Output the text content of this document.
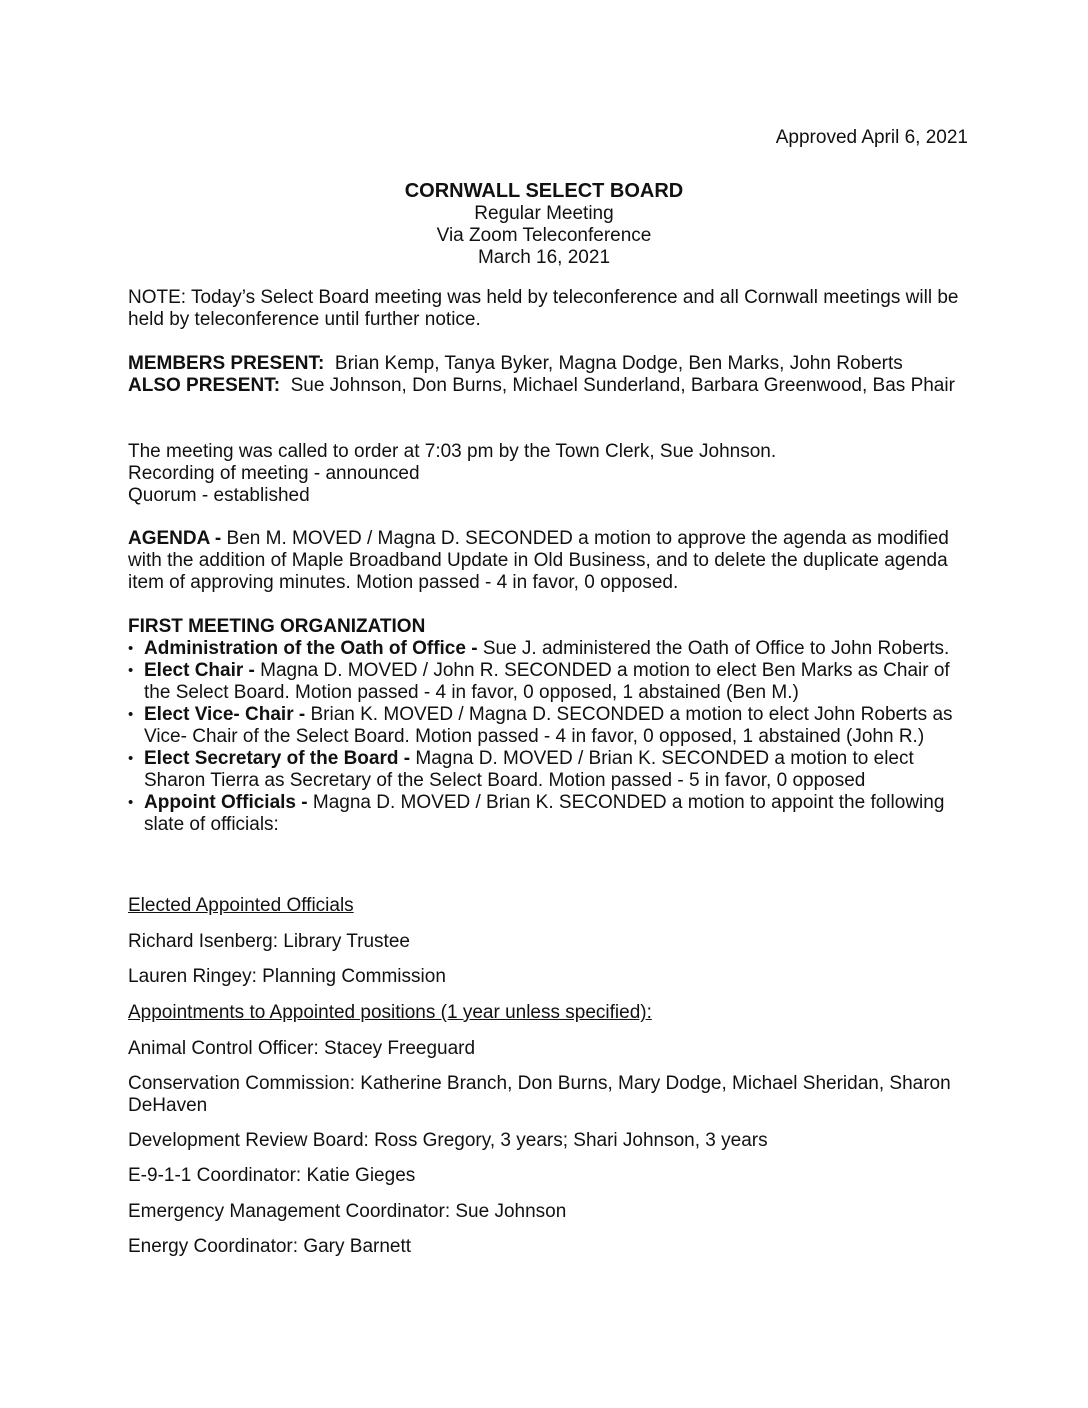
Approved April 6, 2021
CORNWALL SELECT BOARD
Regular Meeting
Via Zoom Teleconference
March 16, 2021
NOTE: Today’s Select Board meeting was held by teleconference and all Cornwall meetings will be held by teleconference until further notice.
MEMBERS PRESENT: Brian Kemp, Tanya Byker, Magna Dodge, Ben Marks, John Roberts
ALSO PRESENT: Sue Johnson, Don Burns, Michael Sunderland, Barbara Greenwood, Bas Phair
The meeting was called to order at 7:03 pm by the Town Clerk, Sue Johnson.
Recording of meeting - announced
Quorum - established
AGENDA - Ben M. MOVED / Magna D. SECONDED a motion to approve the agenda as modified with the addition of Maple Broadband Update in Old Business, and to delete the duplicate agenda item of approving minutes. Motion passed - 4 in favor, 0 opposed.
FIRST MEETING ORGANIZATION
• Administration of the Oath of Office - Sue J. administered the Oath of Office to John Roberts.
• Elect Chair - Magna D. MOVED / John R. SECONDED a motion to elect Ben Marks as Chair of the Select Board. Motion passed - 4 in favor, 0 opposed, 1 abstained (Ben M.)
• Elect Vice- Chair - Brian K. MOVED / Magna D. SECONDED a motion to elect John Roberts as Vice- Chair of the Select Board. Motion passed - 4 in favor, 0 opposed, 1 abstained (John R.)
• Elect Secretary of the Board - Magna D. MOVED / Brian K. SECONDED a motion to elect Sharon Tierra as Secretary of the Select Board. Motion passed - 5 in favor, 0 opposed
• Appoint Officials - Magna D. MOVED / Brian K. SECONDED a motion to appoint the following slate of officials:
Elected Appointed Officials
Richard Isenberg: Library Trustee
Lauren Ringey: Planning Commission
Appointments to Appointed positions (1 year unless specified):
Animal Control Officer: Stacey Freeguard
Conservation Commission: Katherine Branch, Don Burns, Mary Dodge, Michael Sheridan, Sharon DeHaven
Development Review Board: Ross Gregory, 3 years; Shari Johnson, 3 years
E-9-1-1 Coordinator: Katie Gieges
Emergency Management Coordinator: Sue Johnson
Energy Coordinator: Gary Barnett
